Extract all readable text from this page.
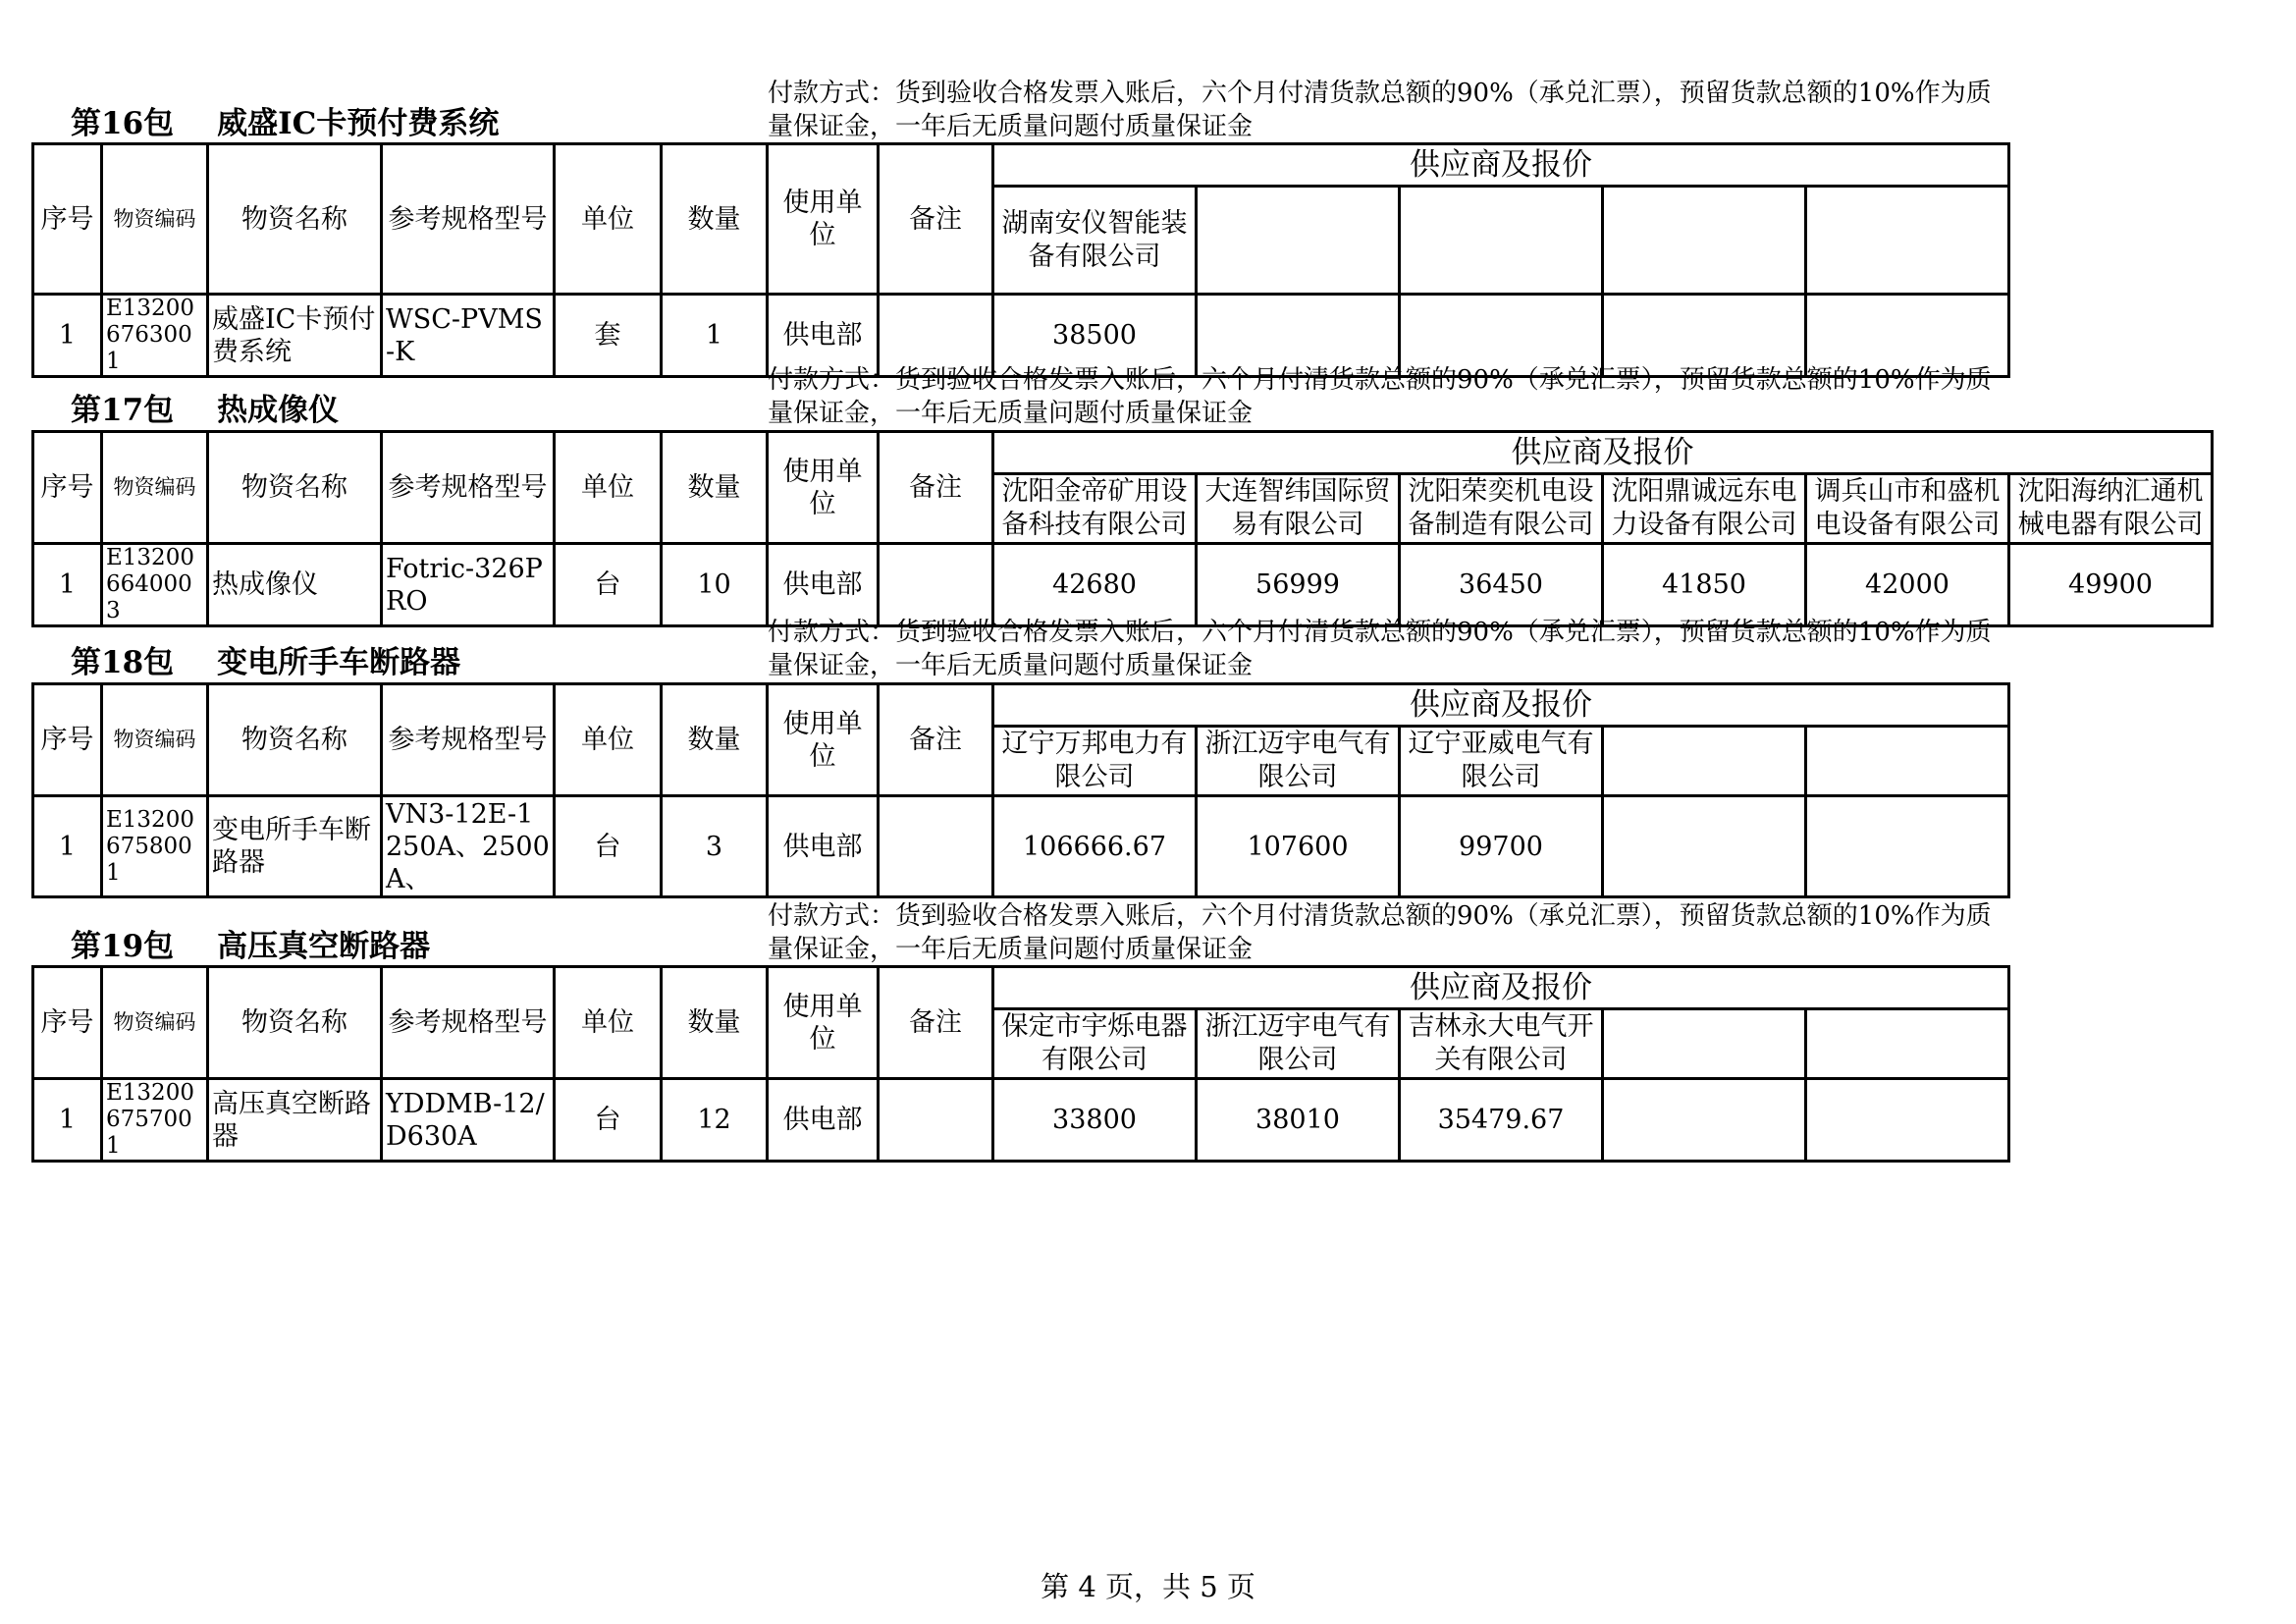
付款方式：货到验收合格发票入账后，六个月付清货款总额的90%（承兑汇票），预留货款总额的10%作为质量保证金，一年后无质量问题付质量保证金
第16包 威盛IC卡预付费系统
序号	物资编码	物资名称	参考规格型号	单位	数量	使用单位	备注	供应商及报价				
								湖南安仪智能装备有限公司				
1	E132006763001	威盛IC卡预付费系统	WSC-PVMS-K	套	1	供电部		38500				
付款方式：货到验收合格发票入账后，六个月付清货款总额的90%（承兑汇票），预留货款总额的10%作为质量保证金，一年后无质量问题付质量保证金
第17包 热成像仪
序号	物资编码	物资名称	参考规格型号	单位	数量	使用单位	备注	供应商及报价					
								沈阳金帝矿用设备科技有限公司	大连智纬国际贸易有限公司	沈阳荣奕机电设备制造有限公司	沈阳鼎诚远东电力设备有限公司	调兵山市和盛机电设备有限公司	沈阳海纳汇通机械电器有限公司
1	E132006640003	热成像仪	Fotric-326PRO	台	10	供电部		42680	56999	36450	41850	42000	49900
付款方式：货到验收合格发票入账后，六个月付清货款总额的90%（承兑汇票），预留货款总额的10%作为质量保证金，一年后无质量问题付质量保证金
第18包 变电所手车断路器
序号	物资编码	物资名称	参考规格型号	单位	数量	使用单位	备注	供应商及报价				
								辽宁万邦电力有限公司	浙江迈宇电气有限公司	辽宁亚威电气有限公司		
1	E132006758001	变电所手车断路器	VN3-12E-1250A、2500A、	台	3	供电部		106666.67	107600	99700		
付款方式：货到验收合格发票入账后，六个月付清货款总额的90%（承兑汇票），预留货款总额的10%作为质量保证金，一年后无质量问题付质量保证金
第19包 高压真空断路器
序号	物资编码	物资名称	参考规格型号	单位	数量	使用单位	备注	供应商及报价				
								保定市宇烁电器有限公司	浙江迈宇电气有限公司	吉林永大电气开关有限公司		
1	E132006757001	高压真空断路器	YDDMB-12/D630A	台	12	供电部		33800	38010	35479.67		
第 4 页，共 5 页
